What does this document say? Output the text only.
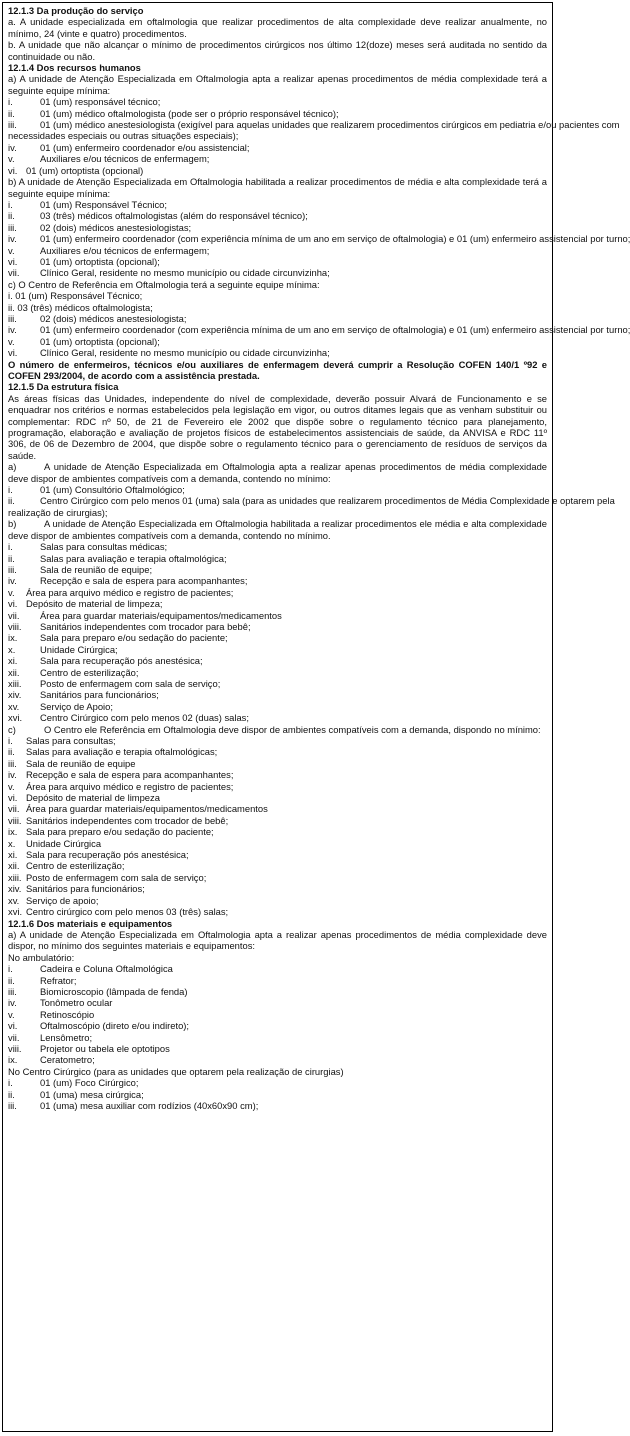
12.1.3 Da produção do serviço
a. A unidade especializada em oftalmologia que realizar procedimentos de alta complexidade deve realizar anualmente, no mínimo, 24 (vinte e quatro) procedimentos.
b. A unidade que não alcançar o mínimo de procedimentos cirúrgicos nos último 12(doze) meses será auditada no sentido da continuidade ou não.
12.1.4 Dos recursos humanos
a) A unidade de Atenção Especializada em Oftalmologia apta a realizar apenas procedimentos de média complexidade terá a seguinte equipe mínima:
i.	01 (um) responsável técnico;
ii.	01 (um) médico oftalmologista (pode ser o próprio responsável técnico);
iii.	01 (um) médico anestesiologista (exigível para aquelas unidades que realizarem procedimentos cirúrgicos em pediatria e/ou pacientes com
necessidades especiais ou outras situações especiais);
iv.	01 (um) enfermeiro coordenador e/ou assistencial;
v.	Auxiliares e/ou técnicos de enfermagem;
vi. 01 (um) ortoptista (opcional)
b) A unidade de Atenção Especializada em Oftalmologia habilitada a realizar procedimentos de média e alta complexidade terá a seguinte equipe mínima:
i.	01 (um) Responsável Técnico;
ii.	03 (três) médicos oftalmologistas (além do responsável técnico);
iii.	02 (dois) médicos anestesiologistas;
iv.	01 (um) enfermeiro coordenador (com experiência mínima de um ano em serviço de oftalmologia) e 01 (um) enfermeiro assistencial por turno;
v.	Auxiliares e/ou técnicos de enfermagem;
vi.	01 (um) ortoptista (opcional);
vii.	Clínico Geral, residente no mesmo município ou cidade circunvizinha;
c) O Centro de Referência em Oftalmologia terá a seguinte equipe mínima:
i. 01 (um) Responsável Técnico;
ii. 03 (três) médicos oftalmologista;
iii.	02 (dois) médicos anestesiologista;
iv.	01 (um) enfermeiro coordenador (com experiência mínima de um ano em serviço de oftalmologia) e 01 (um) enfermeiro assistencial por turno;
v.	01 (um) ortoptista (opcional);
vi.	Clínico Geral, residente no mesmo município ou cidade circunvizinha;
O número de enfermeiros, técnicos e/ou auxiliares de enfermagem deverá cumprir a Resolução COFEN 140/1 º92 e COFEN 293/2004, de acordo com a assistência prestada.
12.1.5 Da estrutura física
As áreas físicas das Unidades, independente do nível de complexidade, deverão possuir Alvará de Funcionamento e se enquadrar nos critérios e normas estabelecidos pela legislação em vigor, ou outros ditames legais que as venham substituir ou complementar: RDC nº 50, de 21 de Fevereiro ele 2002 que dispõe sobre o regulamento técnico para planejamento, programação, elaboração e avaliação de projetos físicos de estabelecimentos assistenciais de saúde, da ANVISA e RDC 11º 306, de 06 de Dezembro de 2004, que dispõe sobre o regulamento técnico para o gerenciamento de resíduos de serviços da saúde.
a)	A unidade de Atenção Especializada em Oftalmologia apta a realizar apenas procedimentos de média complexidade deve dispor de ambientes compatíveis com a demanda, contendo no mínimo:
i.	01 (um) Consultório Oftalmológico;
ii.	Centro Cirúrgico com pelo menos 01 (uma) sala (para as unidades que realizarem procedimentos de Média Complexidade e optarem pela
realização de cirurgias);
b)	A unidade de Atenção Especializada em Oftalmologia habilitada a realizar procedimentos ele média e alta complexidade deve dispor de ambientes compatíveis com a demanda, contendo no mínimo.
i.	Salas para consultas médicas;
ii.	Salas para avaliação e terapia oftalmológica;
iii.	Sala de reunião de equipe;
iv.	Recepção e sala de espera para acompanhantes;
v.	Área para arquivo médico e registro de pacientes;
vi. Depósito de material de limpeza;
vii.	Área para guardar materiais/equipamentos/medicamentos
viii.	Sanitários independentes com trocador para bebê;
ix.	Sala para preparo e/ou sedação do paciente;
x.	Unidade Cirúrgica;
xi.	Sala para recuperação pós anestésica;
xii.	Centro de esterilização;
xiii.	Posto de enfermagem com sala de serviço;
xiv.	Sanitários para funcionários;
xv.	Serviço de Apoio;
xvi.	Centro Cirúrgico com pelo menos 02 (duas) salas;
c)	O Centro ele Referência em Oftalmologia deve dispor de ambientes compatíveis com a demanda, dispondo no mínimo:
i.	Salas para consultas;
ii.	Salas para avaliação e terapia oftalmológicas;
iii. Sala de reunião de equipe
iv. Recepção e sala de espera para acompanhantes;
v.	Área para arquivo médico e registro de pacientes;
vi. Depósito de material de limpeza
vii. Área para guardar materiais/equipamentos/medicamentos
viii. Sanitários independentes com trocador de bebê;
ix. Sala para preparo e/ou sedação do paciente;
x.	Unidade Cirúrgica
xi. Sala para recuperação pós anestésica;
xii. Centro de esterilização;
xiii. Posto de enfermagem com sala de serviço;
xiv. Sanitários para funcionários;
xv. Serviço de apoio;
xvi. Centro cirúrgico com pelo menos 03 (três) salas;
12.1.6 Dos materiais e equipamentos
a) A unidade de Atenção Especializada em Oftalmologia apta a realizar apenas procedimentos de média complexidade deve dispor, no mínimo dos seguintes materiais e equipamentos:
No ambulatório:
i.	Cadeira e Coluna Oftalmológica
ii.	Refrator;
iii.	Biomicroscopio (lâmpada de fenda)
iv.	Tonômetro ocular
v.	Retinoscópio
vi.	Oftalmoscópio (direto e/ou indireto);
vii.	Lensômetro;
viii.	Projetor ou tabela ele optotipos
ix.	Ceratometro;
No Centro Cirúrgico (para as unidades que optarem pela realização de cirurgias)
i.	01 (um) Foco Cirúrgico;
ii.	01 (uma) mesa cirúrgica;
iii.	01 (uma) mesa auxiliar com rodízios (40x60x90 cm);
